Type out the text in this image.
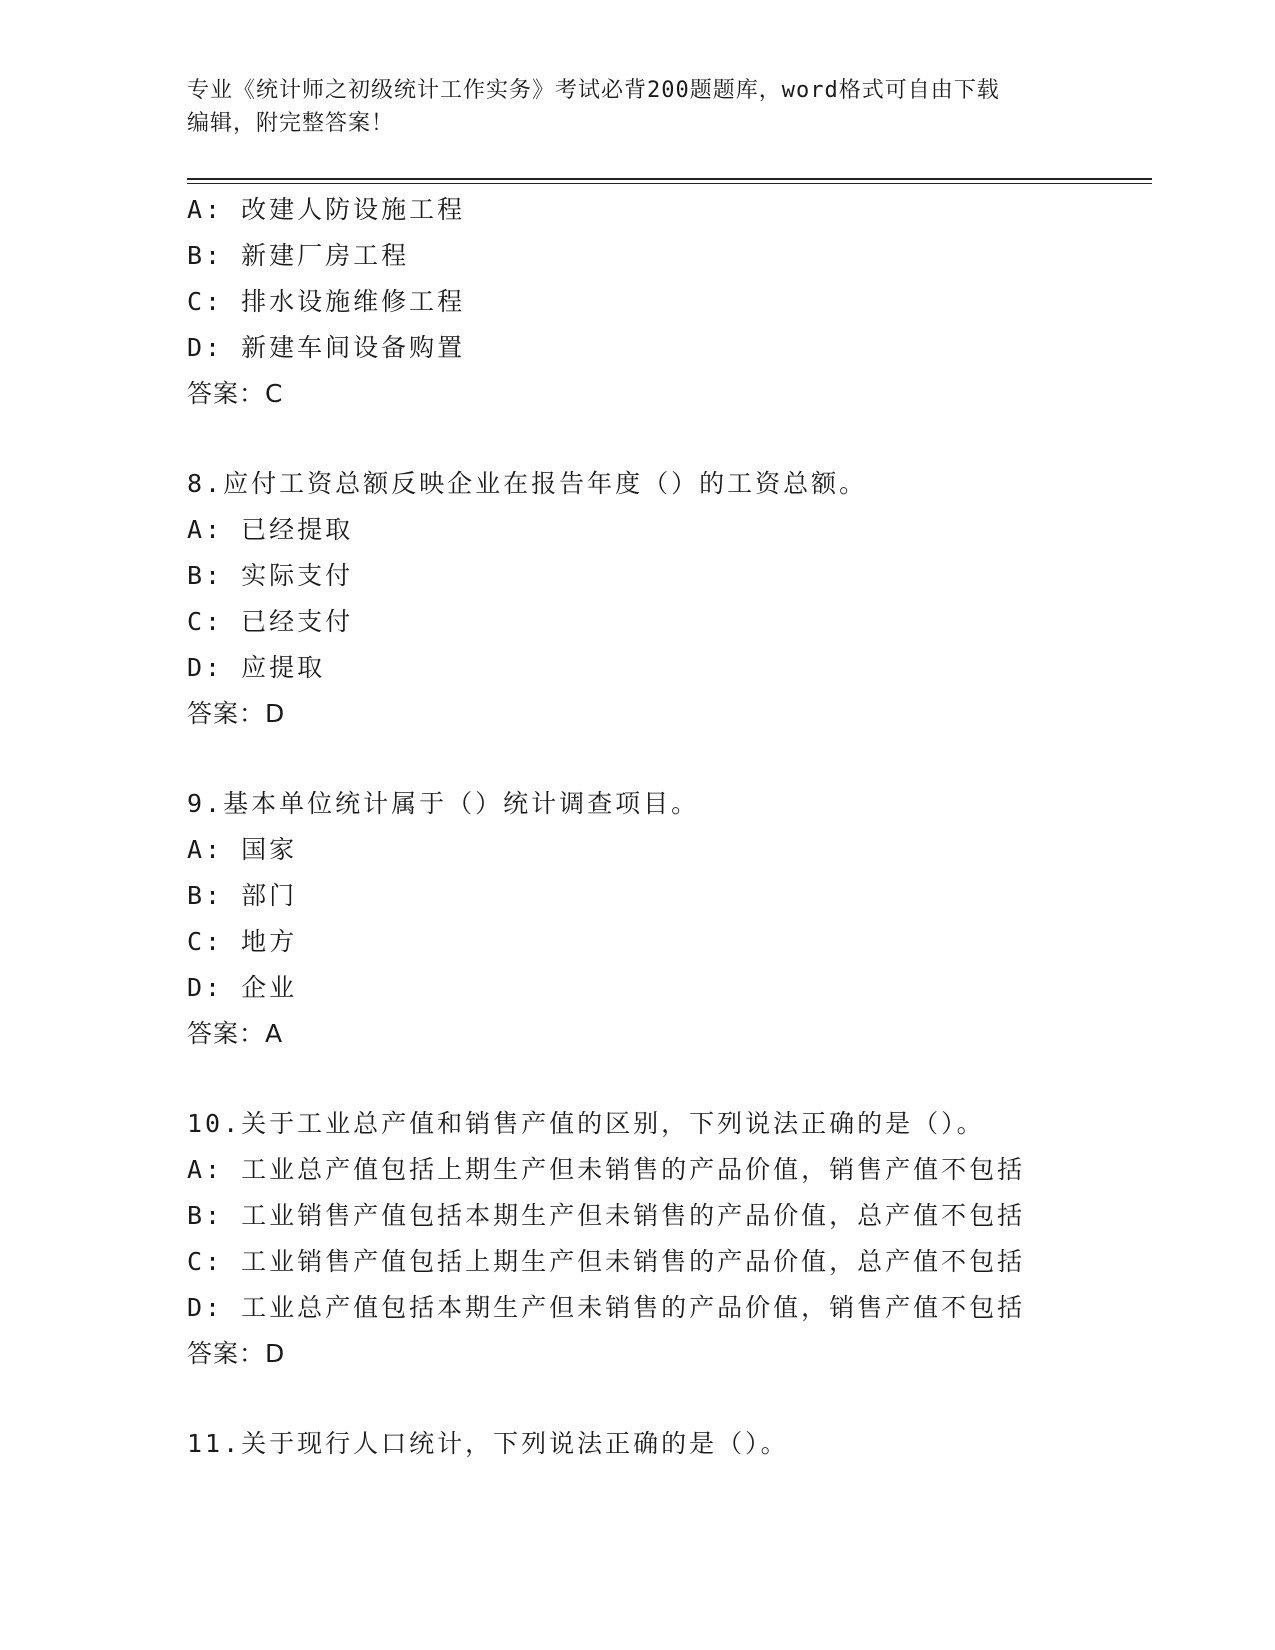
专业《统计师之初级统计工作实务》考试必背200题题库，word格式可自由下载
编辑，附完整答案！
A: 改建人防设施工程
B: 新建厂房工程
C: 排水设施维修工程
D: 新建车间设备购置
答案：C
8.应付工资总额反映企业在报告年度（）的工资总额。
A: 已经提取
B: 实际支付
C: 已经支付
D: 应提取
答案：D
9.基本单位统计属于（）统计调查项目。
A: 国家
B: 部门
C: 地方
D: 企业
答案：A
10.关于工业总产值和销售产值的区别，下列说法正确的是（）。
A: 工业总产值包括上期生产但未销售的产品价值，销售产值不包括
B: 工业销售产值包括本期生产但未销售的产品价值，总产值不包括
C: 工业销售产值包括上期生产但未销售的产品价值，总产值不包括
D: 工业总产值包括本期生产但未销售的产品价值，销售产值不包括
答案：D
11.关于现行人口统计，下列说法正确的是（）。
